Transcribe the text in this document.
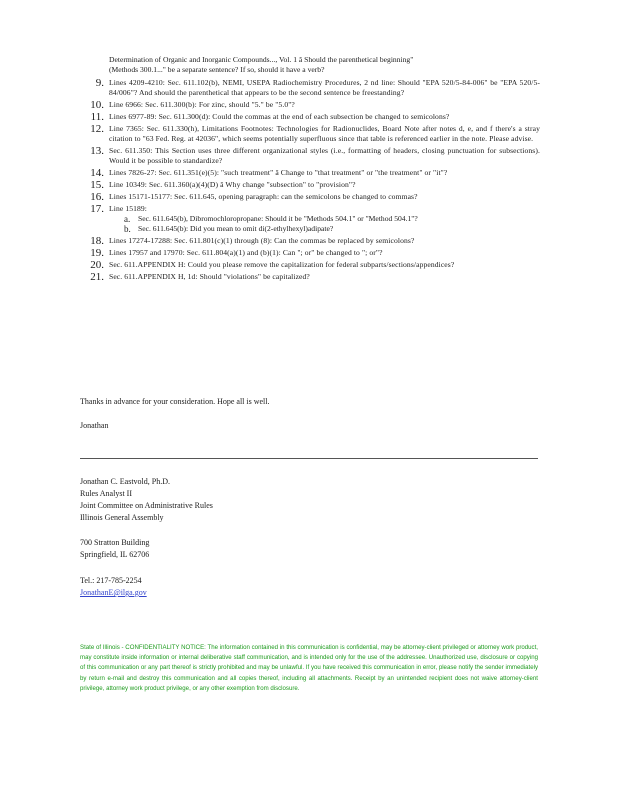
Determination of Organic and Inorganic Compounds..., Vol. 1 â Should the parenthetical beginning"
(Methods 300.1..." be a separate sentence? If so, should it have a verb?
9. Lines 4209-4210: Sec. 611.102(b), NEMI, USEPA Radiochemistry Procedures, 2 nd line: Should "EPA 520/5-84-006" be "EPA 520/5-84/006"? And should the parenthetical that appears to be the second sentence be freestanding?
10. Line 6966: Sec. 611.300(b): For zinc, should "5." be "5.0"?
11. Lines 6977-89: Sec. 611.300(d): Could the commas at the end of each subsection be changed to semicolons?
12. Line 7365: Sec. 611.330(h), Limitations Footnotes: Technologies for Radionuclides, Board Note after notes d, e, and f there's a stray citation to "63 Fed. Reg. at 42036", which seems potentially superfluous since that table is referenced earlier in the note. Please advise.
13. Sec. 611.350: This Section uses three different organizational styles (i.e., formatting of headers, closing punctuation for subsections). Would it be possible to standardize?
14. Lines 7826-27: Sec. 611.351(e)(5): "such treatment" â Change to "that treatment" or "the treatment" or "it"?
15. Line 10349: Sec. 611.360(a)(4)(D) â Why change "subsection" to "provision"?
16. Lines 15171-15177: Sec. 611.645, opening paragraph: can the semicolons be changed to commas?
17. Line 15189:
a. Sec. 611.645(b), Dibromochloropropane: Should it be "Methods 504.1" or "Method 504.1"?
b. Sec. 611.645(b): Did you mean to omit di(2-ethylhexyl)adipate?
18. Lines 17274-17288: Sec. 611.801(c)(1) through (8): Can the commas be replaced by semicolons?
19. Lines 17957 and 17970: Sec. 611.804(a)(1) and (b)(1): Can "; or" be changed to "; or"?
20. Sec. 611.APPENDIX H: Could you please remove the capitalization for federal subparts/sections/appendices?
21. Sec. 611.APPENDIX H, 1d: Should "violations" be capitalized?
Thanks in advance for your consideration. Hope all is well.
Jonathan
Jonathan C. Eastvold, Ph.D.
Rules Analyst II
Joint Committee on Administrative Rules
Illinois General Assembly
700 Stratton Building
Springfield, IL 62706
Tel.: 217-785-2254
JonathanE@ilga.gov
State of Illinois - CONFIDENTIALITY NOTICE: The information contained in this communication is confidential, may be attorney-client privileged or attorney work product, may constitute inside information or internal deliberative staff communication, and is intended only for the use of the addressee. Unauthorized use, disclosure or copying of this communication or any part thereof is strictly prohibited and may be unlawful. If you have received this communication in error, please notify the sender immediately by return e-mail and destroy this communication and all copies thereof, including all attachments. Receipt by an unintended recipient does not waive attorney-client privilege, attorney work product privilege, or any other exemption from disclosure.
